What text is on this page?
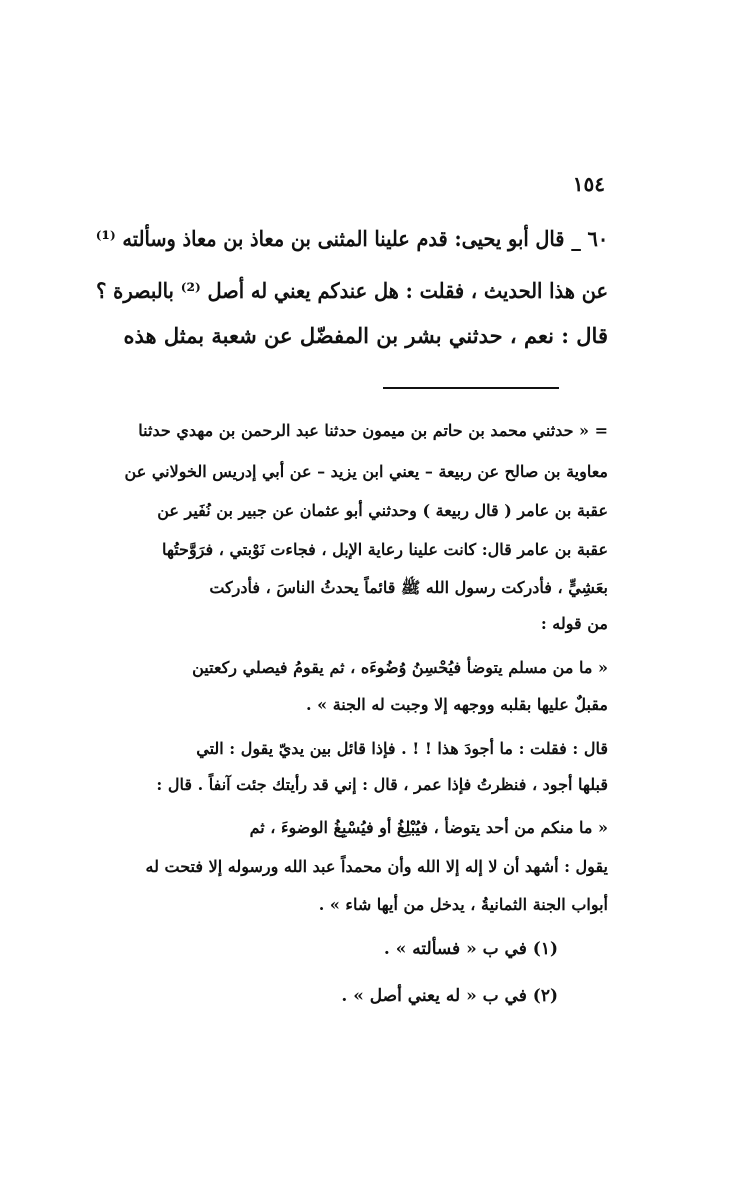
١٥٤
٦٠ _ قال أبو يحيى: قدم علينا المثنى بن معاذ بن معاذ وسألته ⁽¹⁾
عن هذا الحديث ، فقلت : هل عندكم يعني له أصل ⁽²⁾ بالبصرة ؟
قال : نعم ، حدثني بشر بن المفضّل عن شعبة بمثل هذه
= « حدثني محمد بن حاتم بن ميمون حدثنا عبد الرحمن بن مهدي حدثنا
معاوية بن صالح عن ربيعة – يعني ابن يزيد – عن أبي إدريس الخولاني عن
عقبة بن عامر ( قال ربيعة ) وحدثني أبو عثمان عن جبير بن نُفَير عن
عقبة بن عامر قال: كانت علينا رعاية الإبل ، فجاءت نَوْبتي ، فرَوَّحتُها
بعَشِيٍّ ، فأدركت رسول الله ﷺ قائماً يحدثُ الناسَ ، فأدركت
من قوله :
« ما من مسلم يتوضأ فيُحْسِنُ وُضُوءَه ، ثم يقومُ فيصلي ركعتين
مقبلٌ عليها بقلبه ووجهه إلا وجبت له الجنة » .
قال : فقلت : ما أجودَ هذا ! ! . فإذا قائل بين يديّ يقول : التي
قبلها أجود ، فنظرتُ فإذا عمر ، قال : إني قد رأيتك جئت آنفاً . قال :
« ما منكم من أحد يتوضأ ، فيُبْلِغُ أو فيُسْبِغُ الوضوءَ ، ثم
يقول : أشهد أن لا إله إلا الله وأن محمداً عبد الله ورسوله إلا فتحت له
أبواب الجنة الثمانيةُ ، يدخل من أيها شاء » .
(١) في ب « فسألته » .
(٢) في ب « له يعني أصل » .
